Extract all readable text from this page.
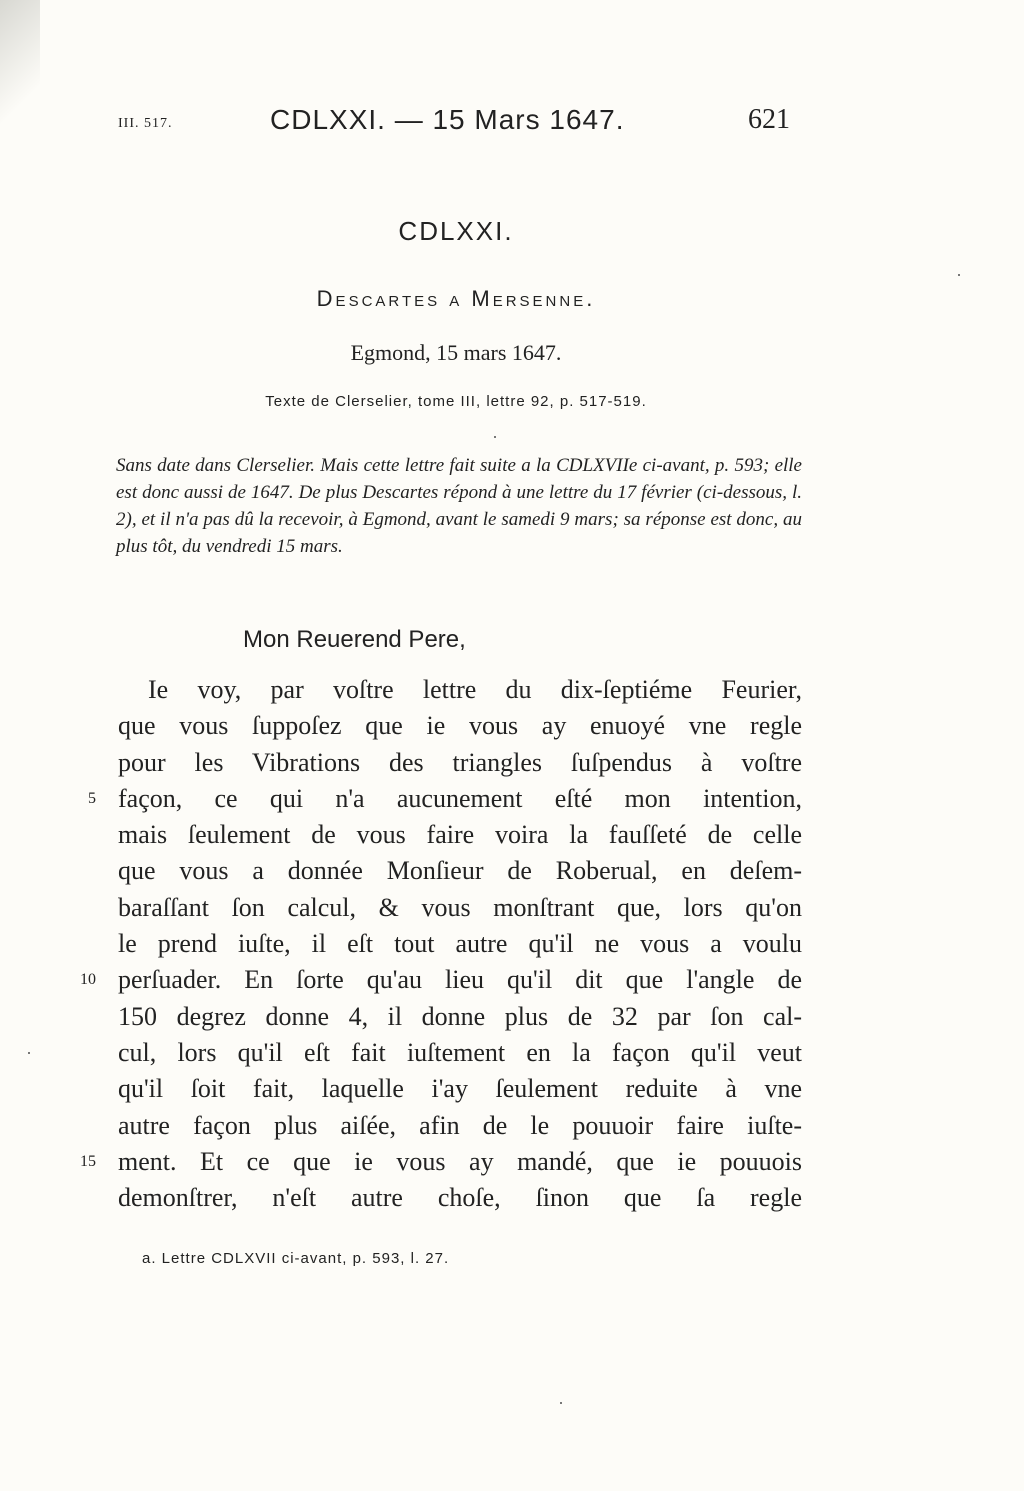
III. 517.	CDLXXI. — 15 Mars 1647.	621
CDLXXI.
Descartes a Mersenne.
Egmond, 15 mars 1647.
Texte de Clerselier, tome III, lettre 92, p. 517-519.
Sans date dans Clerselier. Mais cette lettre fait suite a la CDLXVIIe ci-avant, p. 593; elle est donc aussi de 1647. De plus Descartes répond à une lettre du 17 février (ci-dessous, l. 2), et il n'a pas dû la recevoir, à Egmond, avant le samedi 9 mars; sa réponse est donc, au plus tôt, du vendredi 15 mars.
Mon Reuerend Pere,
Ie voy, par voſtre lettre du dix-ſeptiéme Feurier,
que vous ſuppoſez que ie vous ay enuoyé vne regle
pour les Vibrations des triangles ſuſpendus à voſtre
5 façon, ce qui n'a aucunement eſté mon intention,
mais ſeulement de vous faire voira la fauſſeté de celle
que vous a donnée Monſieur de Roberual, en deſem-
baraſſant ſon calcul, & vous monſtrant que, lors qu'on
le prend iuſte, il eſt tout autre qu'il ne vous a voulu
10 perſuader. En ſorte qu'au lieu qu'il dit que l'angle de
150 degrez donne 4, il donne plus de 32 par ſon cal-
cul, lors qu'il eſt fait iuſtement en la façon qu'il veut
qu'il ſoit fait, laquelle i'ay ſeulement reduite à vne
autre façon plus aiſée, afin de le pouuoir faire iuſte-
15 ment. Et ce que ie vous ay mandé, que ie pouuois
demonſtrer, n'eſt autre choſe, ſinon que ſa regle
a. Lettre CDLXVII ci-avant, p. 593, l. 27.
